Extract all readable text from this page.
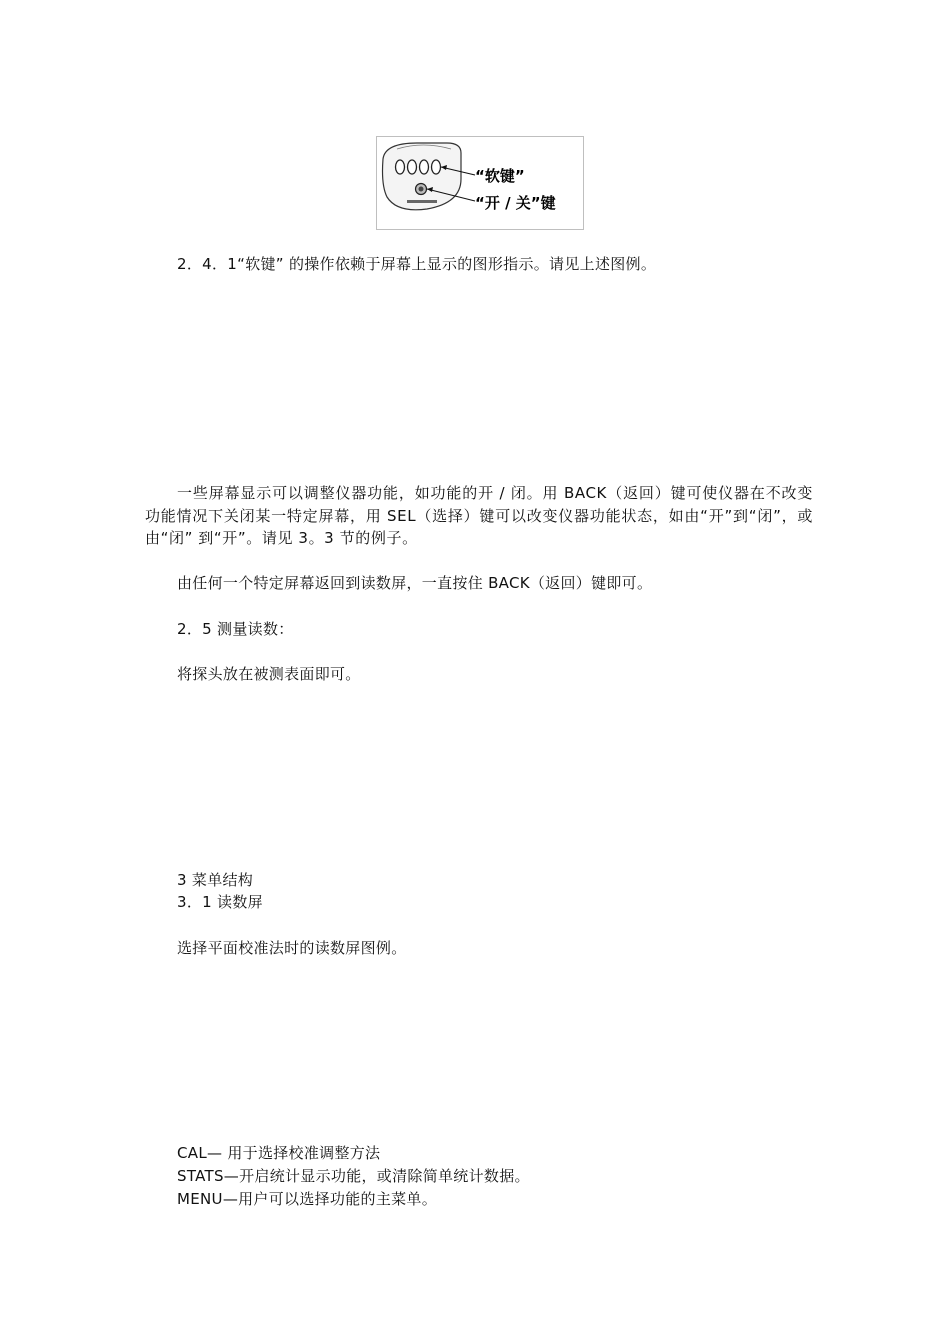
“软键”
“开 / 关”键
2．4．1“软键” 的操作依赖于屏幕上显示的图形指示。请见上述图例。
一些屏幕显示可以调整仪器功能，如功能的开 / 闭。用 BACK（返回）键可使仪器在不改变功能情况下关闭某一特定屏幕，用 SEL（选择）键可以改变仪器功能状态，如由“开”到“闭”，或由“闭” 到“开”。请见 3。3 节的例子。
由任何一个特定屏幕返回到读数屏，一直按住 BACK（返回）键即可。
2．5 测量读数：
将探头放在被测表面即可。
3 菜单结构
3．1 读数屏
选择平面校准法时的读数屏图例。
CAL— 用于选择校准调整方法
STATS—开启统计显示功能，或清除简单统计数据。
MENU—用户可以选择功能的主菜单。
